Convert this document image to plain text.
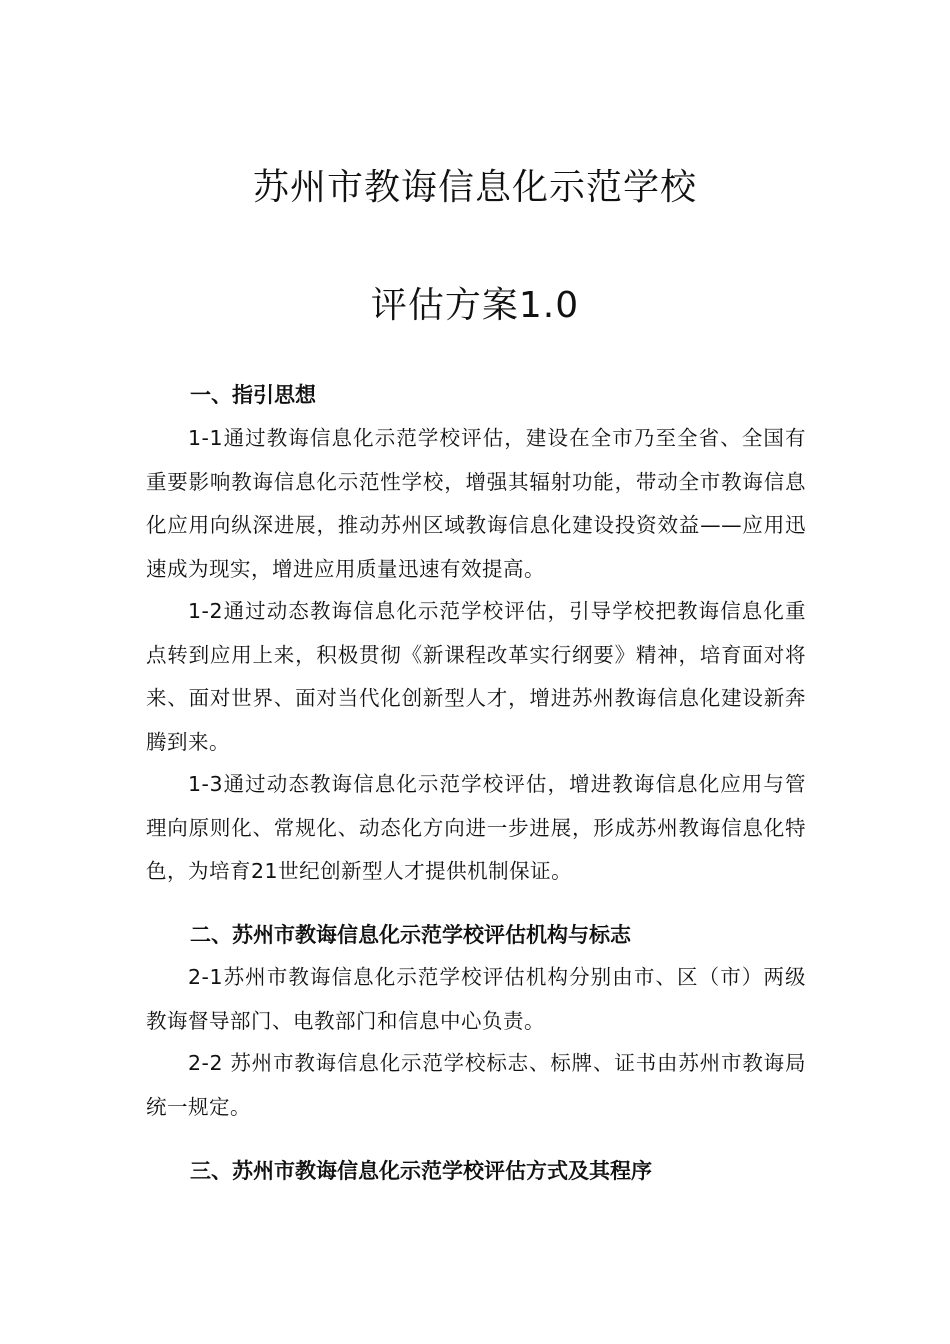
苏州市教诲信息化示范学校
评估方案1.0
一、指引思想
1-1通过教诲信息化示范学校评估，建设在全市乃至全省、全国有重要影响教诲信息化示范性学校，增强其辐射功能，带动全市教诲信息化应用向纵深进展，推动苏州区域教诲信息化建设投资效益——应用迅速成为现实，增进应用质量迅速有效提高。
1-2通过动态教诲信息化示范学校评估，引导学校把教诲信息化重点转到应用上来，积极贯彻《新课程改革实行纲要》精神，培育面对将来、面对世界、面对当代化创新型人才，增进苏州教诲信息化建设新奔腾到来。
1-3通过动态教诲信息化示范学校评估，增进教诲信息化应用与管理向原则化、常规化、动态化方向进一步进展，形成苏州教诲信息化特色，为培育21世纪创新型人才提供机制保证。
二、苏州市教诲信息化示范学校评估机构与标志
2-1苏州市教诲信息化示范学校评估机构分别由市、区（市）两级教诲督导部门、电教部门和信息中心负责。
2-2 苏州市教诲信息化示范学校标志、标牌、证书由苏州市教诲局统一规定。
三、苏州市教诲信息化示范学校评估方式及其程序
